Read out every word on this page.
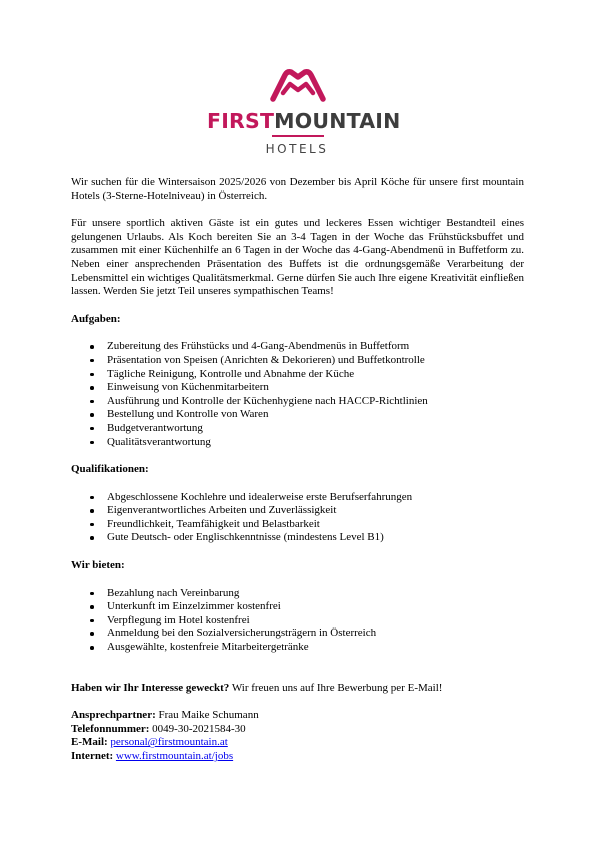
FIRSTMOUNTAIN
HOTELS

Wir suchen für die Wintersaison 2025/2026 von Dezember bis April Köche für unsere first mountain Hotels (3-Sterne-Hotelniveau) in Österreich.

Für unsere sportlich aktiven Gäste ist ein gutes und leckeres Essen wichtiger Bestandteil eines gelungenen Urlaubs. Als Koch bereiten Sie an 3-4 Tagen in der Woche das Frühstücksbuffet und zusammen mit einer Küchenhilfe an 6 Tagen in der Woche das 4-Gang-Abendmenü in Buffetform zu. Neben einer ansprechenden Präsentation des Buffets ist die ordnungsgemäße Verarbeitung der Lebensmittel ein wichtiges Qualitätsmerkmal. Gerne dürfen Sie auch Ihre eigene Kreativität einfließen lassen. Werden Sie jetzt Teil unseres sympathischen Teams!

Aufgaben:

Zubereitung des Frühstücks und 4-Gang-Abendmenüs in Buffetform
Präsentation von Speisen (Anrichten & Dekorieren) und Buffetkontrolle
Tägliche Reinigung, Kontrolle und Abnahme der Küche
Einweisung von Küchenmitarbeitern
Ausführung und Kontrolle der Küchenhygiene nach HACCP-Richtlinien
Bestellung und Kontrolle von Waren
Budgetverantwortung
Qualitätsverantwortung

Qualifikationen:

Abgeschlossene Kochlehre und idealerweise erste Berufserfahrungen
Eigenverantwortliches Arbeiten und Zuverlässigkeit
Freundlichkeit, Teamfähigkeit und Belastbarkeit
Gute Deutsch- oder Englischkenntnisse (mindestens Level B1)

Wir bieten:

Bezahlung nach Vereinbarung
Unterkunft im Einzelzimmer kostenfrei
Verpflegung im Hotel kostenfrei
Anmeldung bei den Sozialversicherungsträgern in Österreich
Ausgewählte, kostenfreie Mitarbeitergetränke

Haben wir Ihr Interesse geweckt? Wir freuen uns auf Ihre Bewerbung per E-Mail!

Ansprechpartner: Frau Maike Schumann

Telefonnummer: 0049-30-2021584-30

E-Mail: personal@firstmountain.at

Internet: www.firstmountain.at/jobs
